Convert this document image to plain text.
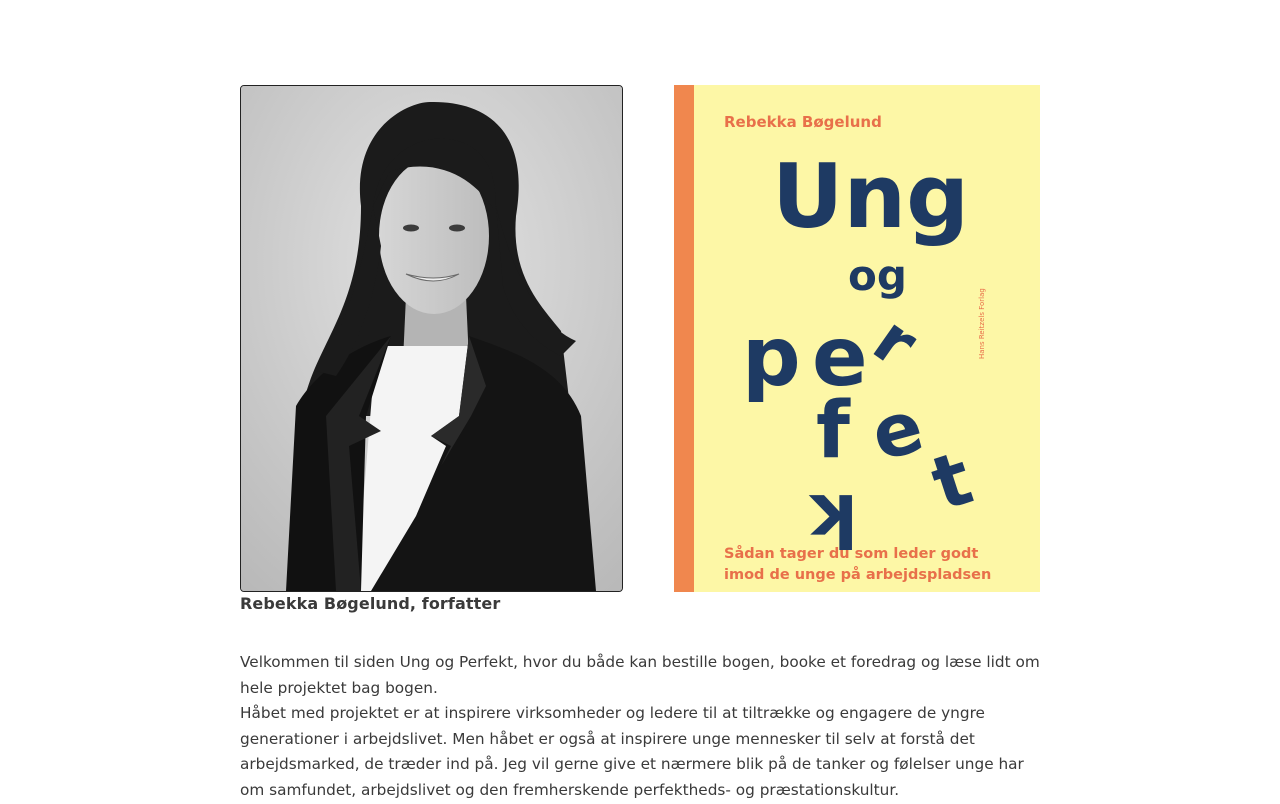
Rebekka Bøgelund, forfatter

Rebekka Bøgelund
Ung
og
p e
r
f e
k t
Hans Reitzels Forlag
Sådan tager du som leder godt
imod de unge på arbejdspladsen

Velkommen til siden Ung og Perfekt, hvor du både kan bestille bogen, booke et foredrag og læse lidt om hele projektet bag bogen.

Håbet med projektet er at inspirere virksomheder og ledere til at tiltrække og engagere de yngre generationer i arbejdslivet. Men håbet er også at inspirere unge mennesker til selv at forstå det arbejdsmarked, de træder ind på. Jeg vil gerne give et nærmere blik på de tanker og følelser unge har om samfundet, arbejdslivet og den fremherskende perfektheds- og præstationskultur.
